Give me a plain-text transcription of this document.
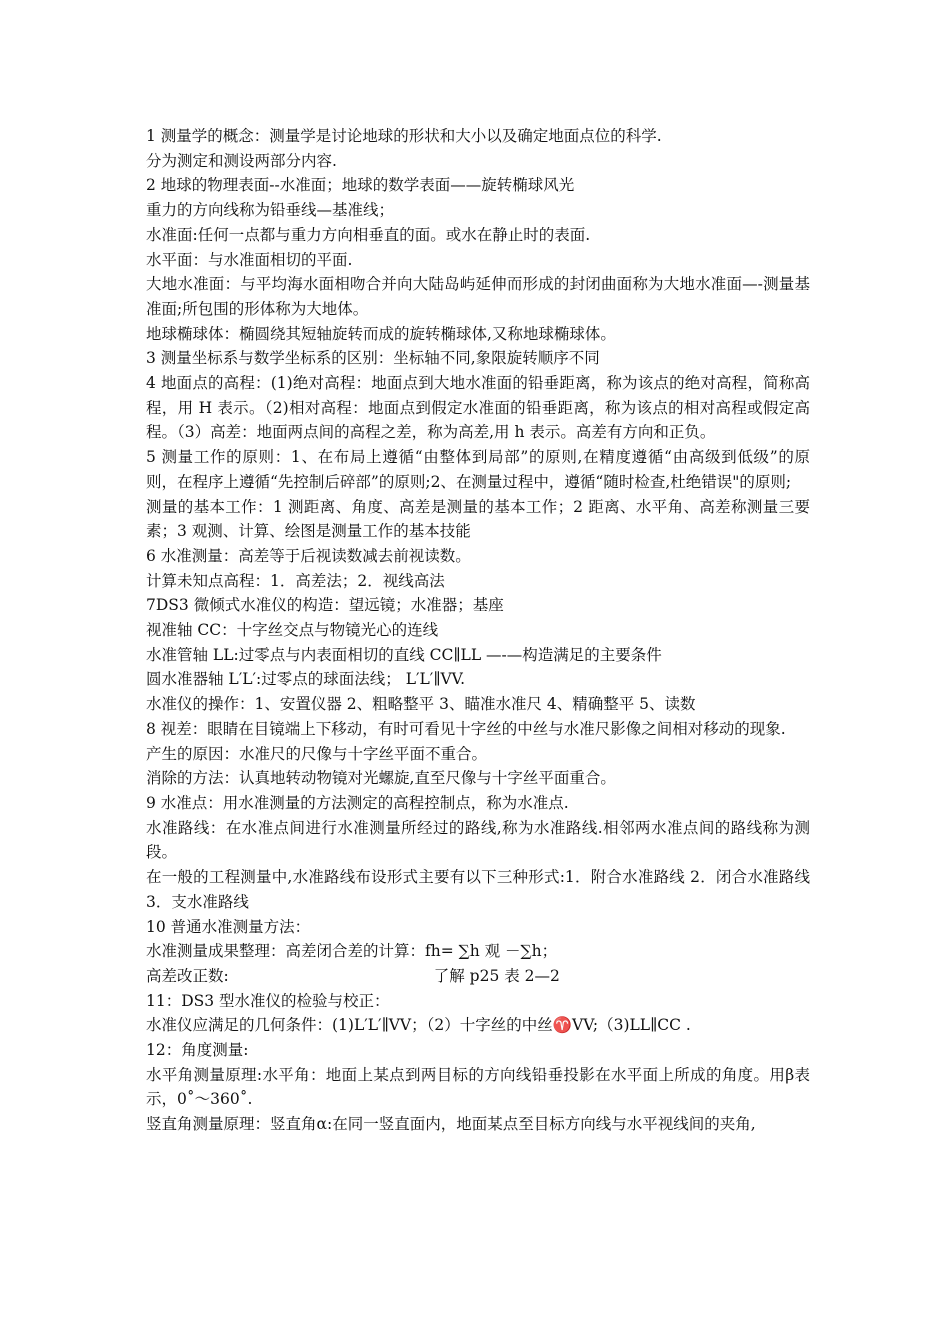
1 测量学的概念：测量学是讨论地球的形状和大小以及确定地面点位的科学.

分为测定和测设两部分内容.

2 地球的物理表面--水准面；地球的数学表面——旋转椭球风光

重力的方向线称为铅垂线—基准线；

水准面:任何一点都与重力方向相垂直的面。或水在静止时的表面.

水平面：与水准面相切的平面.

大地水准面：与平均海水面相吻合并向大陆岛屿延伸而形成的封闭曲面称为大地水准面—-测量基准面;所包围的形体称为大地体。

地球椭球体：椭圆绕其短轴旋转而成的旋转椭球体,又称地球椭球体。

3 测量坐标系与数学坐标系的区别：坐标轴不同,象限旋转顺序不同

4 地面点的高程：(1)绝对高程：地面点到大地水准面的铅垂距离，称为该点的绝对高程，简称高程，用 H 表示。（2)相对高程：地面点到假定水准面的铅垂距离，称为该点的相对高程或假定高程。（3）高差：地面两点间的高程之差，称为高差,用 h 表示。高差有方向和正负。

5 测量工作的原则：1、在布局上遵循“由整体到局部”的原则,在精度遵循“由高级到低级”的原则，在程序上遵循“先控制后碎部”的原则;2、在测量过程中，遵循“随时检查,杜绝错误"的原则;

测量的基本工作：1 测距离、角度、高差是测量的基本工作；2 距离、水平角、高差称测量三要素；3 观测、计算、绘图是测量工作的基本技能

6 水准测量：高差等于后视读数减去前视读数。

计算未知点高程：1．高差法；2．视线高法

7DS3 微倾式水准仪的构造：望远镜；水准器；基座

视准轴 CC：十字丝交点与物镜光心的连线

水准管轴 LL:过零点与内表面相切的直线 CC∥LL —-—构造满足的主要条件

圆水准器轴 L′L′:过零点的球面法线； L′L′∥VV.

水准仪的操作：1、安置仪器 2、粗略整平 3、瞄准水准尺 4、精确整平 5、读数

8 视差：眼睛在目镜端上下移动，有时可看见十字丝的中丝与水准尺影像之间相对移动的现象.

产生的原因：水准尺的尺像与十字丝平面不重合。

消除的方法：认真地转动物镜对光螺旋,直至尺像与十字丝平面重合。

9 水准点：用水准测量的方法测定的高程控制点，称为水准点.

水准路线：在水准点间进行水准测量所经过的路线,称为水准路线.相邻两水准点间的路线称为测段。

在一般的工程测量中,水准路线布设形式主要有以下三种形式:1．附合水准路线 2．闭合水准路线 3．支水准路线

10 普通水准测量方法：

水准测量成果整理：高差闭合差的计算：fh= ∑h 观 －∑h；

高差改正数:	了解 p25 表 2—2

11：DS3 型水准仪的检验与校正：

水准仪应满足的几何条件：(1)L′L′∥VV；（2）十字丝的中丝♈VV;（3)LL∥CC .

12：角度测量:

水平角测量原理:水平角：地面上某点到两目标的方向线铅垂投影在水平面上所成的角度。用β表示，0˚～360˚.

竖直角测量原理：竖直角α:在同一竖直面内，地面某点至目标方向线与水平视线间的夹角,
